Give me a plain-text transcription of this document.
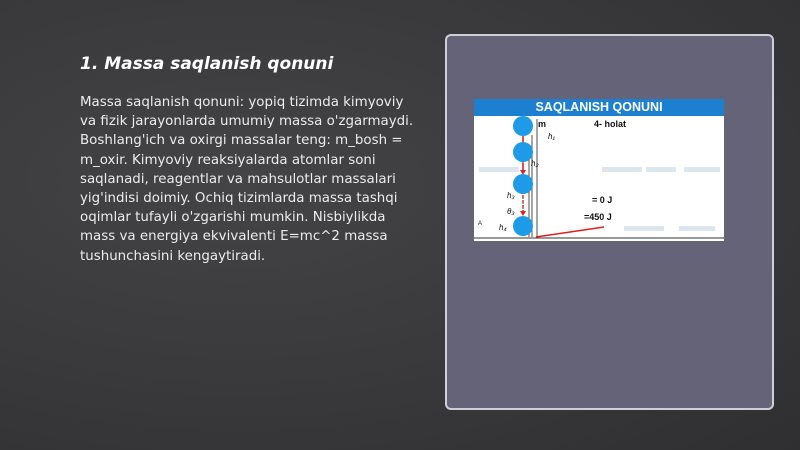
1. Massa saqlanish qonuni

Massa saqlanish qonuni: yopiq tizimda kimyoviy va fizik jarayonlarda umumiy massa o'zgarmaydi. Boshlang'ich va oxirgi massalar teng: m_bosh = m_oxir. Kimyoviy reaksiyalarda atomlar soni saqlanadi, reagentlar va mahsulotlar massalari yig'indisi doimiy. Ochiq tizimlarda massa tashqi oqimlar tufayli o'zgarishi mumkin. Nisbiylikda mass va energiya ekvivalenti E=mc^2 massa tushunchasini kengaytiradi.

SAQLANISH QONUNI
m	4- holat
h₁
h₂
h₃
θ₃
h₄
A
= 0 J
=450 J
